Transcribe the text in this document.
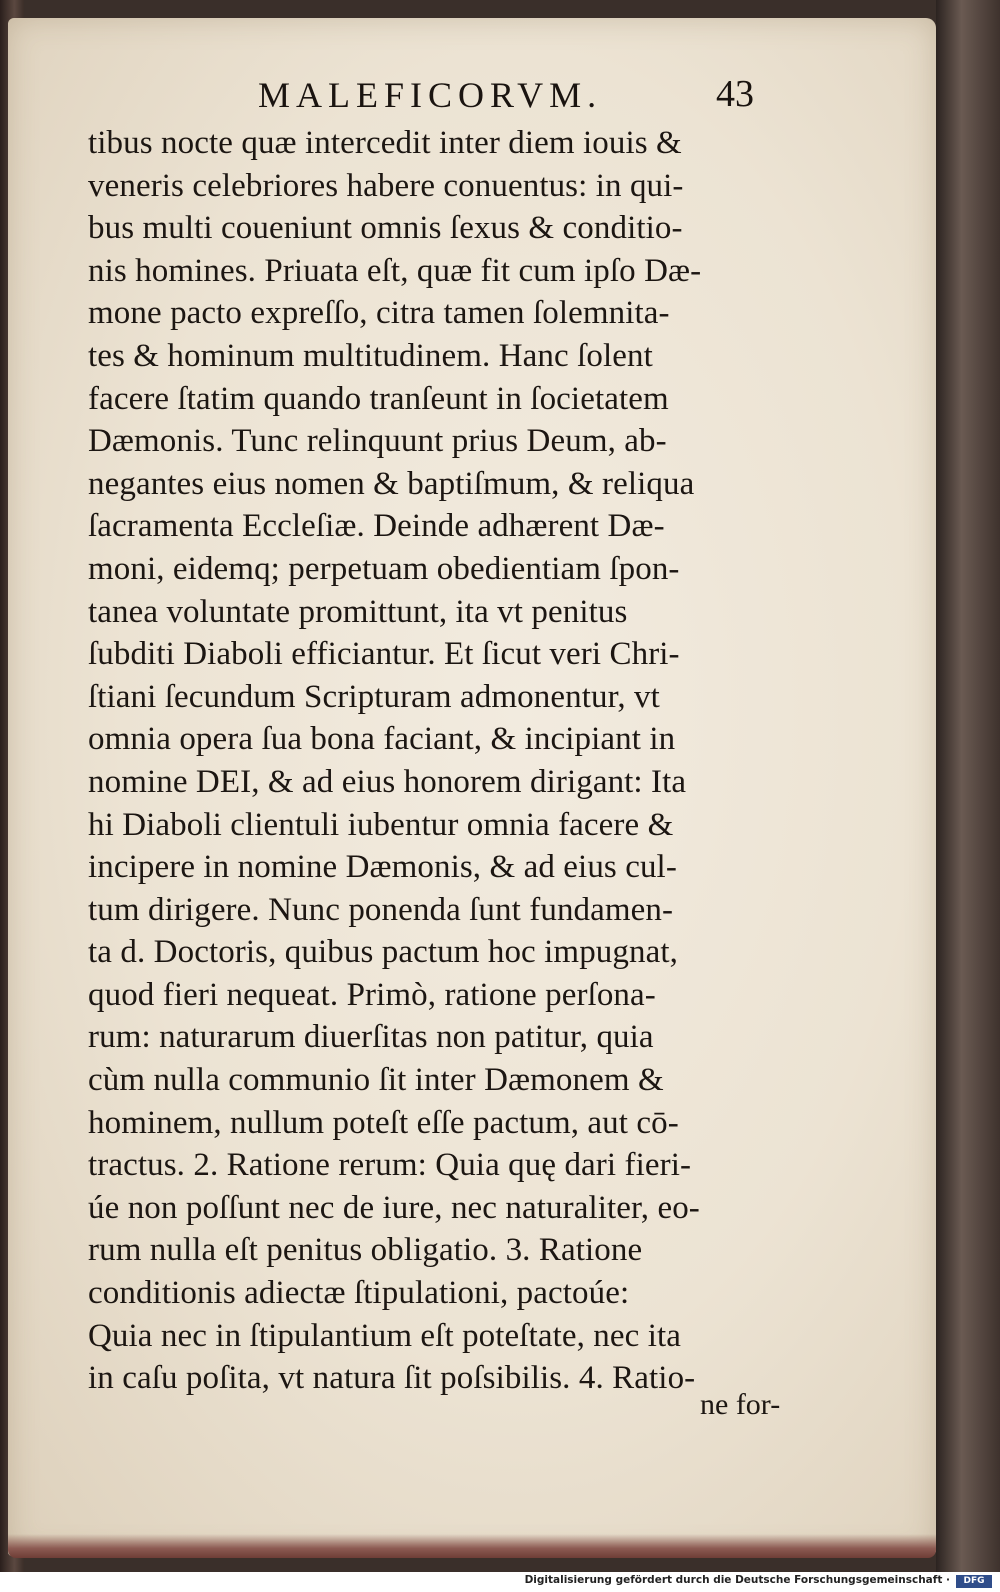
MALEFICORVM.	43
tibus nocte quæ intercedit inter diem iouis &
veneris celebriores habere conuentus: in qui-
bus multi coueniunt omnis ſexus & conditio-
nis homines. Priuata eſt, quæ fit cum ipſo Dæ-
mone pacto expreſſo, citra tamen ſolemnita-
tes & hominum multitudinem. Hanc ſolent
facere ſtatim quando tranſeunt in ſocietatem
Dæmonis. Tunc relinquunt prius Deum, ab-
negantes eius nomen & baptiſmum, & reliqua
ſacramenta Eccleſiæ. Deinde adhærent Dæ-
moni, eidemq; perpetuam obedientiam ſpon-
tanea voluntate promittunt, ita vt penitus
ſubditi Diaboli efficiantur. Et ſicut veri Chri-
ſtiani ſecundum Scripturam admonentur, vt
omnia opera ſua bona faciant, & incipiant in
nomine DEI, & ad eius honorem dirigant: Ita
hi Diaboli clientuli iubentur omnia facere &
incipere in nomine Dæmonis, & ad eius cul-
tum dirigere. Nunc ponenda ſunt fundamen-
ta d. Doctoris, quibus pactum hoc impugnat,
quod fieri nequeat. Primò, ratione perſona-
rum: naturarum diuerſitas non patitur, quia
cùm nulla communio ſit inter Dæmonem &
hominem, nullum poteſt eſſe pactum, aut cō-
tractus. 2. Ratione rerum: Quia quę dari fieri-
úe non poſſunt nec de iure, nec naturaliter, eo-
rum nulla eſt penitus obligatio. 3. Ratione
conditionis adiectæ ſtipulationi, pactoúe:
Quia nec in ſtipulantium eſt poteſtate, nec ita
in caſu poſita, vt natura ſit poſsibilis. 4. Ratio-
ne for-
Digitalisierung gefördert durch die Deutsche Forschungsgemeinschaft ·	DFG
